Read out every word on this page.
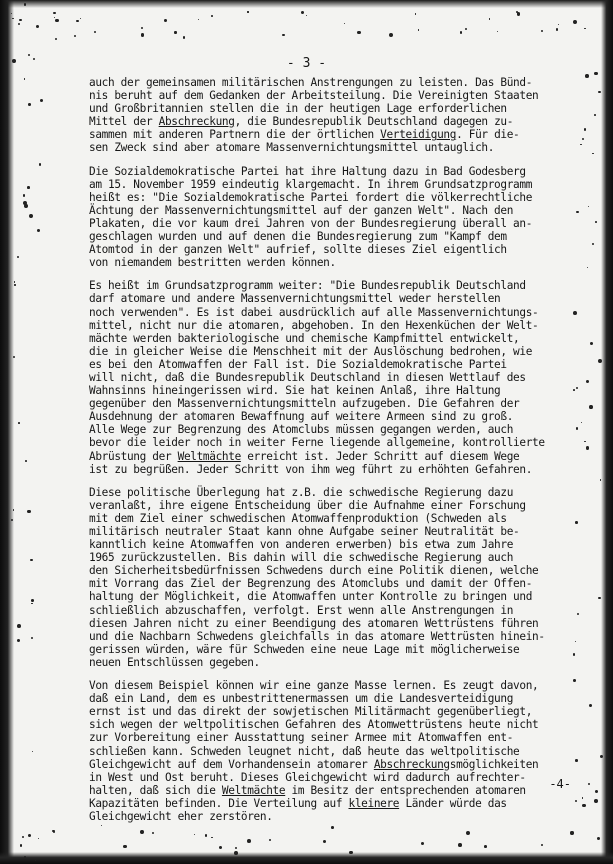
- 3 -
auch der gemeinsamen militärischen Anstrengungen zu leisten. Das Bünd-
nis beruht auf dem Gedanken der Arbeitsteilung. Die Vereinigten Staaten
und Großbritannien stellen die in der heutigen Lage erforderlichen
Mittel der Abschreckung, die Bundesrepublik Deutschland dagegen zu-
sammen mit anderen Partnern die der örtlichen Verteidigung. Für die-
sen Zweck sind aber atomare Massenvernichtungsmittel untauglich.
Die Sozialdemokratische Partei hat ihre Haltung dazu in Bad Godesberg
am 15. November 1959 eindeutig klargemacht. In ihrem Grundsatzprogramm
heißt es: "Die Sozialdemokratische Partei fordert die völkerrechtliche
Ächtung der Massenvernichtungsmittel auf der ganzen Welt". Nach den
Plakaten, die vor kaum drei Jahren von der Bundesregierung überall an-
geschlagen wurden und auf denen die Bundesregierung zum "Kampf dem
Atomtod in der ganzen Welt" aufrief, sollte dieses Ziel eigentlich
von niemandem bestritten werden können.
Es heißt im Grundsatzprogramm weiter: "Die Bundesrepublik Deutschland
darf atomare und andere Massenvernichtungsmittel weder herstellen
noch verwenden". Es ist dabei ausdrücklich auf alle Massenvernichtungs-
mittel, nicht nur die atomaren, abgehoben. In den Hexenküchen der Welt-
mächte werden bakteriologische und chemische Kampfmittel entwickelt,
die in gleicher Weise die Menschheit mit der Auslöschung bedrohen, wie
es bei den Atomwaffen der Fall ist. Die Sozialdemokratische Partei
will nicht, daß die Bundesrepublik Deutschland in diesen Wettlauf des
Wahnsinns hineingerissen wird. Sie hat keinen Anlaß, ihre Haltung
gegenüber den Massenvernichtungsmitteln aufzugeben. Die Gefahren der
Ausdehnung der atomaren Bewaffnung auf weitere Armeen sind zu groß.
Alle Wege zur Begrenzung des Atomclubs müssen gegangen werden, auch
bevor die leider noch in weiter Ferne liegende allgemeine, kontrollierte
Abrüstung der Weltmächte erreicht ist. Jeder Schritt auf diesem Wege
ist zu begrüßen. Jeder Schritt von ihm weg führt zu erhöhten Gefahren.
Diese politische Überlegung hat z.B. die schwedische Regierung dazu
veranlaßt, ihre eigene Entscheidung über die Aufnahme einer Forschung
mit dem Ziel einer schwedischen Atomwaffenproduktion (Schweden als
militärisch neutraler Staat kann ohne Aufgabe seiner Neutralität be-
kanntlich keine Atomwaffen von anderen erwerben) bis etwa zum Jahre
1965 zurückzustellen. Bis dahin will die schwedische Regierung auch
den Sicherheitsbedürfnissen Schwedens durch eine Politik dienen, welche
mit Vorrang das Ziel der Begrenzung des Atomclubs und damit der Offen-
haltung der Möglichkeit, die Atomwaffen unter Kontrolle zu bringen und
schließlich abzuschaffen, verfolgt. Erst wenn alle Anstrengungen in
diesen Jahren nicht zu einer Beendigung des atomaren Wettrüstens führen
und die Nachbarn Schwedens gleichfalls in das atomare Wettrüsten hinein-
gerissen würden, wäre für Schweden eine neue Lage mit möglicherweise
neuen Entschlüssen gegeben.
Von diesem Beispiel können wir eine ganze Masse lernen. Es zeugt davon,
daß ein Land, dem es unbestrittenermassen um die Landesverteidigung
ernst ist und das direkt der sowjetischen Militärmacht gegenüberliegt,
sich wegen der weltpolitischen Gefahren des Atomwettrüstens heute nicht
zur Vorbereitung einer Ausstattung seiner Armee mit Atomwaffen ent-
schließen kann. Schweden leugnet nicht, daß heute das weltpolitische
Gleichgewicht auf dem Vorhandensein atomarer Abschreckungsmöglichkeiten
in West und Ost beruht. Dieses Gleichgewicht wird dadurch aufrechter-
halten, daß sich die Weltmächte im Besitz der entsprechenden atomaren
Kapazitäten befinden. Die Verteilung auf kleinere Länder würde das
Gleichgewicht eher zerstören.
-4-
